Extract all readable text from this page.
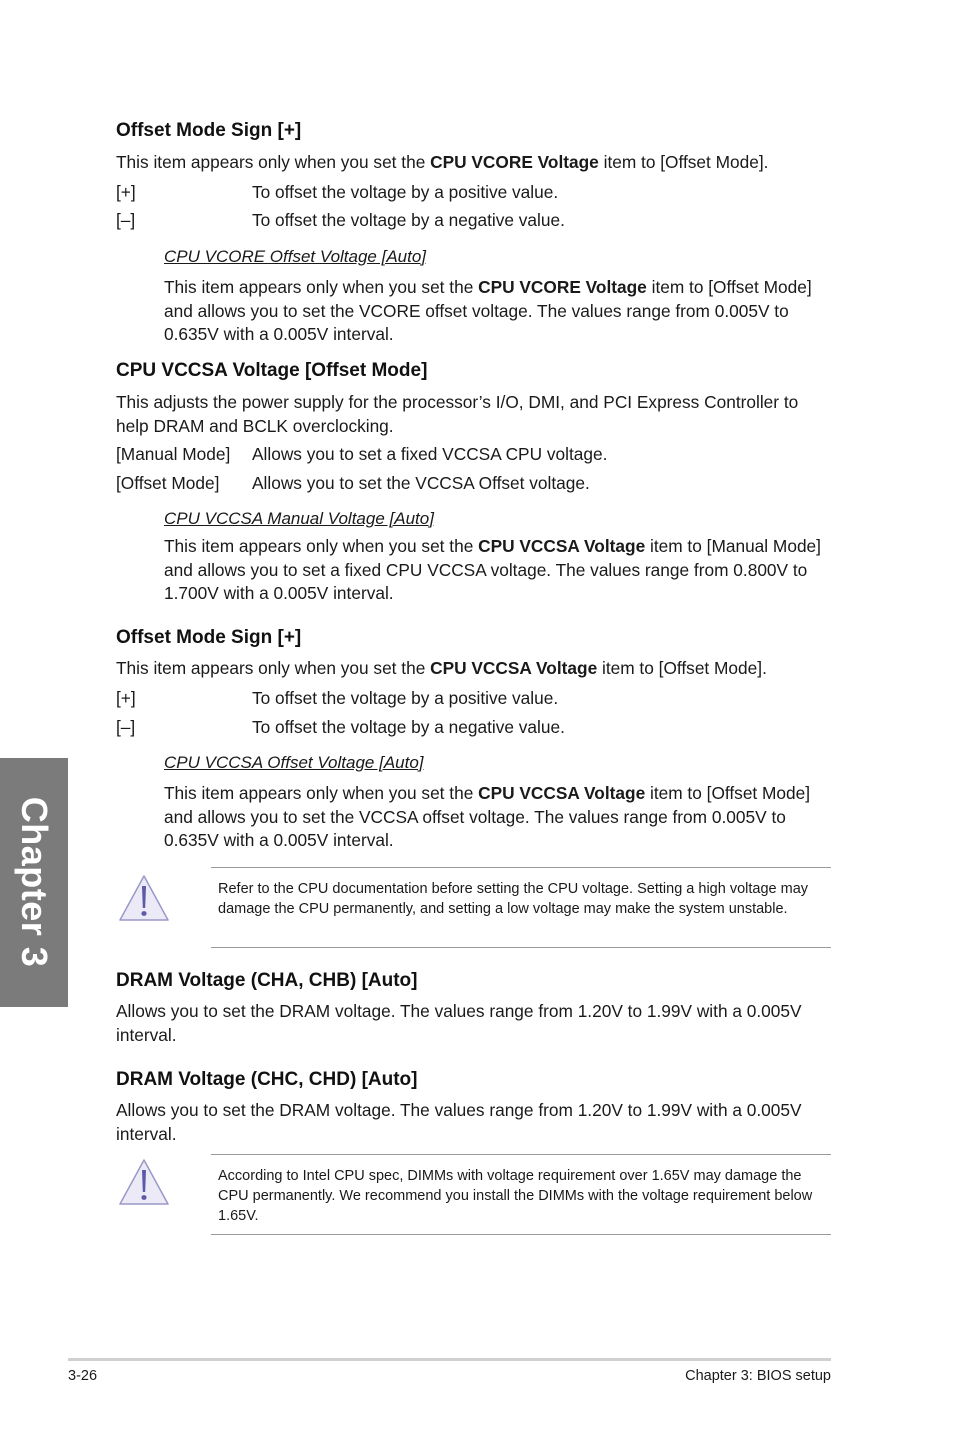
Offset Mode Sign [+]
This item appears only when you set the CPU VCORE Voltage item to [Offset Mode].
[+]	To offset the voltage by a positive value.
[–]	To offset the voltage by a negative value.
CPU VCORE Offset Voltage [Auto]
This item appears only when you set the CPU VCORE Voltage item to [Offset Mode] and allows you to set the VCORE offset voltage. The values range from 0.005V to 0.635V with a 0.005V interval.
CPU VCCSA Voltage [Offset Mode]
This adjusts the power supply for the processor’s I/O, DMI, and PCI Express Controller to help DRAM and BCLK overclocking.
[Manual Mode] Allows you to set a fixed VCCSA CPU voltage.
[Offset Mode] Allows you to set the VCCSA Offset voltage.
CPU VCCSA Manual Voltage [Auto]
This item appears only when you set the CPU VCCSA Voltage item to [Manual Mode] and allows you to set a fixed CPU VCCSA voltage. The values range from 0.800V to 1.700V with a 0.005V interval.
Offset Mode Sign [+]
This item appears only when you set the CPU VCCSA Voltage item to [Offset Mode].
[+]	To offset the voltage by a positive value.
[–]	To offset the voltage by a negative value.
CPU VCCSA Offset Voltage [Auto]
This item appears only when you set the CPU VCCSA Voltage item to [Offset Mode] and allows you to set the VCCSA offset voltage. The values range from 0.005V to 0.635V with a 0.005V interval.
Refer to the CPU documentation before setting the CPU voltage. Setting a high voltage may damage the CPU permanently, and setting a low voltage may make the system unstable.
DRAM Voltage (CHA, CHB) [Auto]
Allows you to set the DRAM voltage. The values range from 1.20V to 1.99V with a 0.005V interval.
DRAM Voltage (CHC, CHD) [Auto]
Allows you to set the DRAM voltage. The values range from 1.20V to 1.99V with a 0.005V interval.
According to Intel CPU spec, DIMMs with voltage requirement over 1.65V may damage the CPU permanently. We recommend you install the DIMMs with the voltage requirement below 1.65V.
Chapter 3
3-26	Chapter 3: BIOS setup
